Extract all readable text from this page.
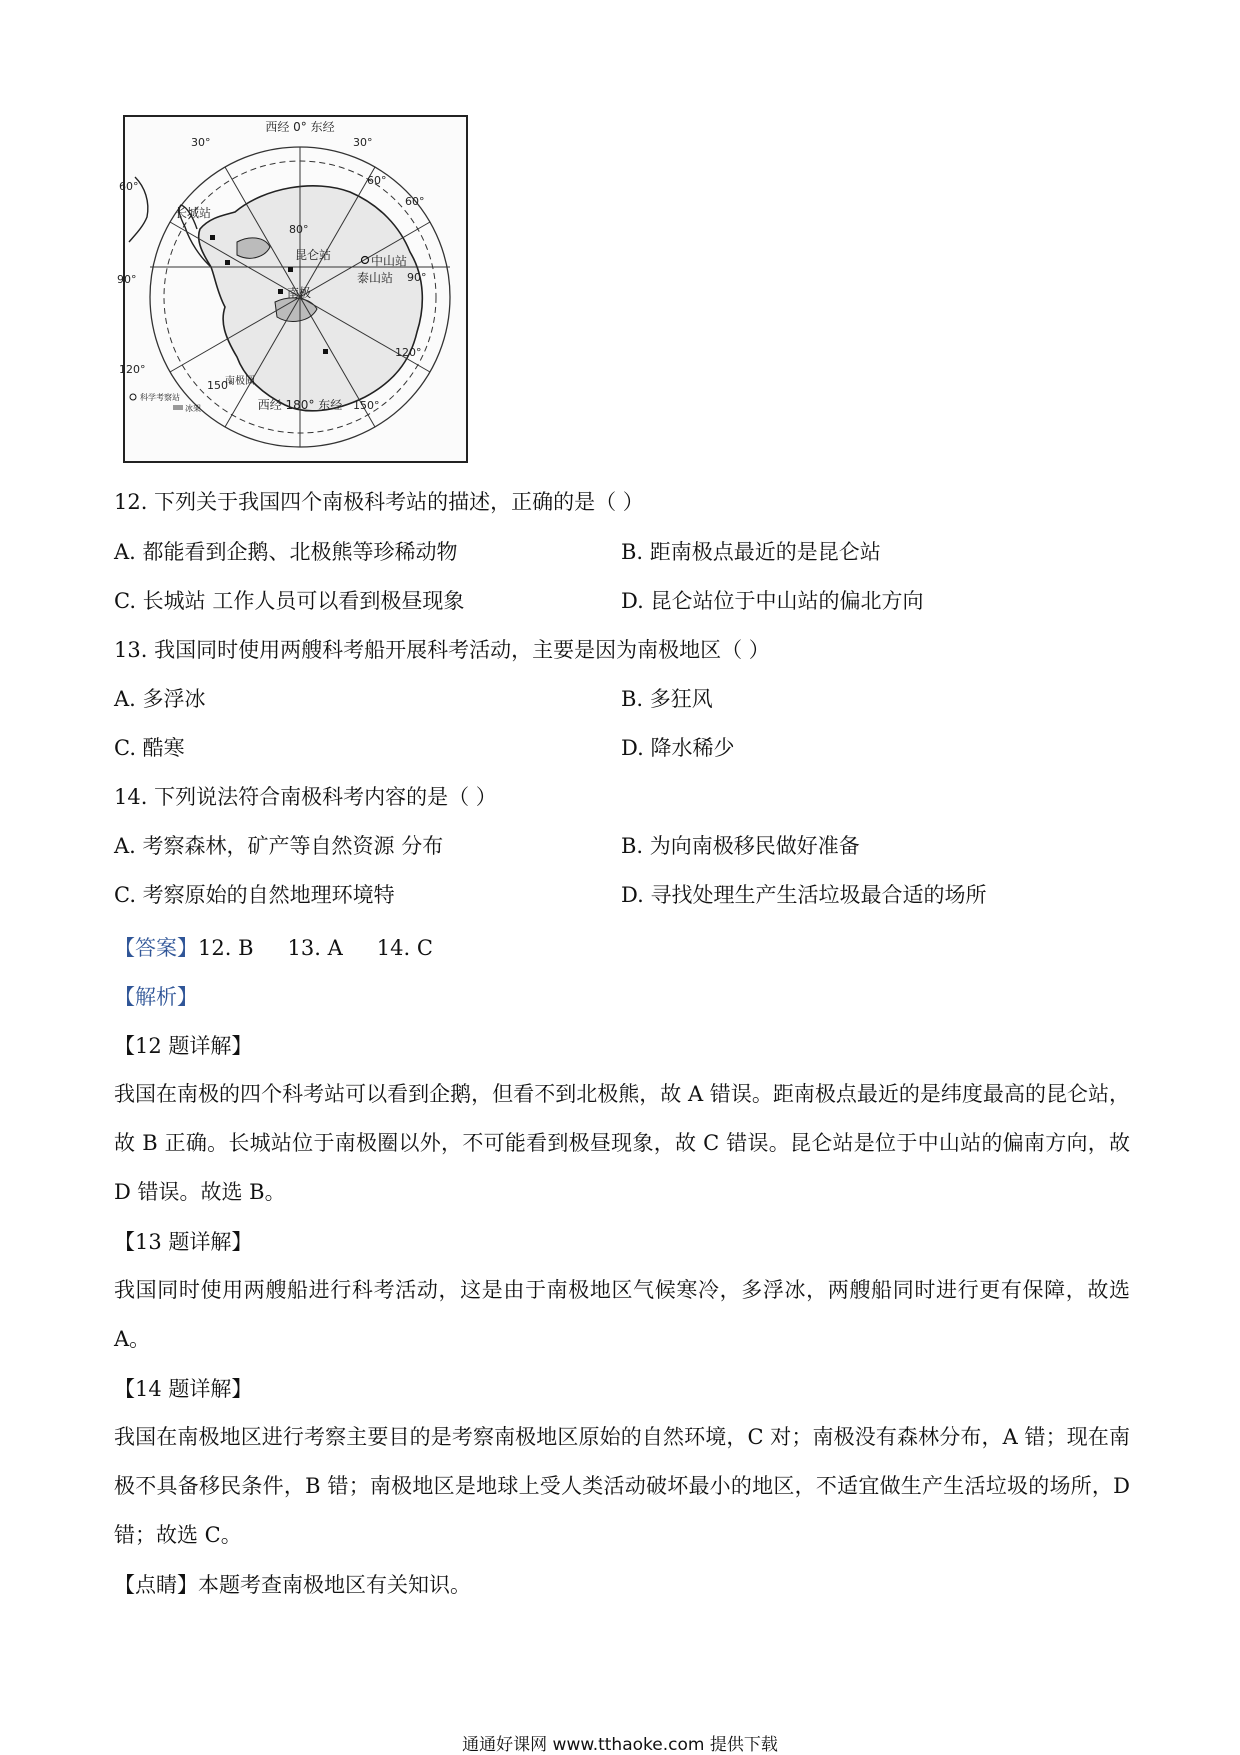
西经 0° 东经
西经 180° 东经
30°	30°
60°	60°
60°
90°	90°
120°
120°
150°
150°
80°
长城站
昆仑站	中山站
泰山站
南极
南极圈
科学考察站
冰架
12. 下列关于我国四个南极科考站的描述，正确的是（ ）
A. 都能看到企鹅、北极熊等珍稀动物	B. 距南极点最近的是昆仑站
C. 长城站 工作人员可以看到极昼现象	D. 昆仑站位于中山站的偏北方向
13. 我国同时使用两艘科考船开展科考活动，主要是因为南极地区（ ）
A. 多浮冰	B. 多狂风
C. 酷寒	D. 降水稀少
14. 下列说法符合南极科考内容的是（ ）
A. 考察森林，矿产等自然资源 分布	B. 为向南极移民做好准备
C. 考察原始的自然地理环境特	D. 寻找处理生产生活垃圾最合适的场所
【答案】12. B 13. A 14. C
【解析】
【12 题详解】
我国在南极的四个科考站可以看到企鹅，但看不到北极熊，故 A 错误。距南极点最近的是纬度最高的昆仑站，故 B 正确。长城站位于南极圈以外，不可能看到极昼现象，故 C 错误。昆仑站是位于中山站的偏南方向，故 D 错误。故选 B。
【13 题详解】
我国同时使用两艘船进行科考活动，这是由于南极地区气候寒冷，多浮冰，两艘船同时进行更有保障，故选 A。
【14 题详解】
我国在南极地区进行考察主要目的是考察南极地区原始的自然环境，C 对；南极没有森林分布，A 错；现在南极不具备移民条件，B 错；南极地区是地球上受人类活动破坏最小的地区，不适宜做生产生活垃圾的场所，D 错；故选 C。
【点睛】本题考查南极地区有关知识。
通通好课网 www.tthaoke.com 提供下载
